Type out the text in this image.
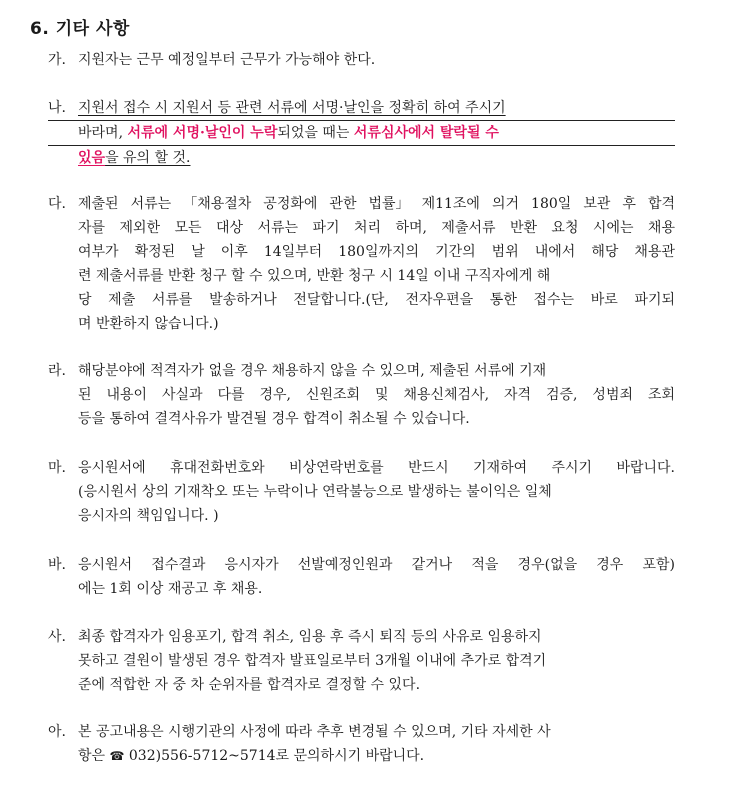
6. 기타 사항
가. 지원자는 근무 예정일부터 근무가 가능해야 한다.
나. 지원서 접수 시 지원서 등 관련 서류에 서명·날인을 정확히 하여 주시기
바라며, 서류에 서명·날인이 누락되었을 때는 서류심사에서 탈락될 수
있음을 유의 할 것.
다. 제출된 서류는 「채용절차 공정화에 관한 법률」 제11조에 의거 180일 보관 후 합격
자를 제외한 모든 대상 서류는 파기 처리 하며, 제출서류 반환 요청 시에는 채용
여부가 확정된 날 이후 14일부터 180일까지의 기간의 범위 내에서 해당 채용관
련 제출서류를 반환 청구 할 수 있으며, 반환 청구 시 14일 이내 구직자에게 해
당 제출 서류를 발송하거나 전달합니다.(단, 전자우편을 통한 접수는 바로 파기되
며 반환하지 않습니다.)
라. 해당분야에 적격자가 없을 경우 채용하지 않을 수 있으며, 제출된 서류에 기재
된 내용이 사실과 다를 경우, 신원조회 및 채용신체검사, 자격 검증, 성범죄 조회
등을 통하여 결격사유가 발견될 경우 합격이 취소될 수 있습니다.
마. 응시원서에 휴대전화번호와 비상연락번호를 반드시 기재하여 주시기 바랍니다.
(응시원서 상의 기재착오 또는 누락이나 연락불능으로 발생하는 불이익은 일체
응시자의 책임입니다. )
바. 응시원서 접수결과 응시자가 선발예정인원과 같거나 적을 경우(없을 경우 포함)
에는 1회 이상 재공고 후 채용.
사. 최종 합격자가 임용포기, 합격 취소, 임용 후 즉시 퇴직 등의 사유로 임용하지
못하고 결원이 발생된 경우 합격자 발표일로부터 3개월 이내에 추가로 합격기
준에 적합한 자 중 차 순위자를 합격자로 결정할 수 있다.
아. 본 공고내용은 시행기관의 사정에 따라 추후 변경될 수 있으며, 기타 자세한 사
항은 ☎ 032)556-5712~5714로 문의하시기 바랍니다.
